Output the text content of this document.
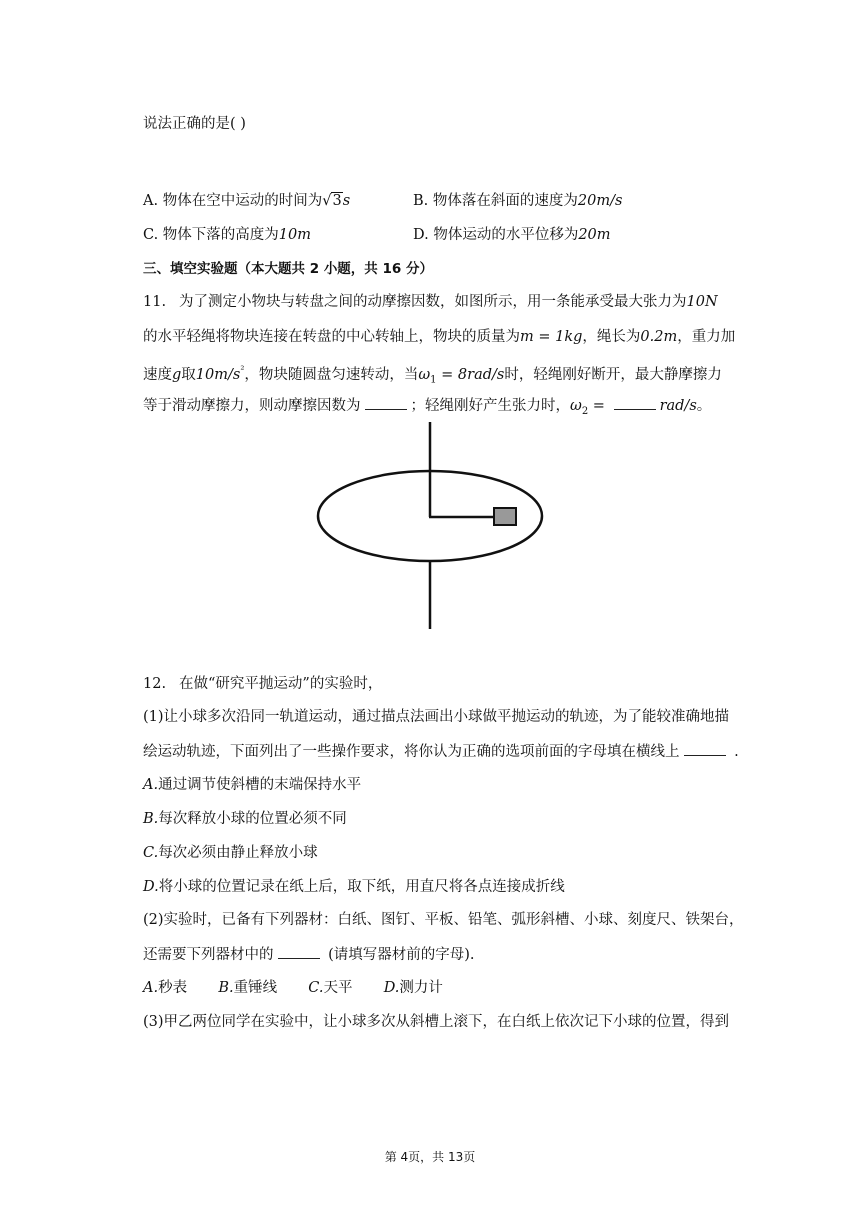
说法正确的是( )
A. 物体在空中运动的时间为√3s	B. 物体落在斜面的速度为20m/s
C. 物体下落的高度为10m	D. 物体运动的水平位移为20m
三、填空实验题（本大题共 2 小题，共 16 分）
11. 为了测定小物块与转盘之间的动摩擦因数，如图所示，用一条能承受最大张力为10N
的水平轻绳将物块连接在转盘的中心转轴上，物块的质量为m = 1kg，绳长为0.2m，重力加
速度g取$10m/s^{^2}$，物块随圆盘匀速转动，当$\omega_1 = 8rad/s$时，轻绳刚好断开，最大静摩擦力
等于滑动摩擦力，则动摩擦因数为	；轻绳刚好产生张力时，$\omega_2$ =	rad/s。
12. 在做“研究平抛运动”的实验时，
(1)让小球多次沿同一轨道运动，通过描点法画出小球做平抛运动的轨迹，为了能较准确地描
绘运动轨迹，下面列出了一些操作要求，将你认为正确的选项前面的字母填在横线上	.
A.通过调节使斜槽的末端保持水平
B.每次释放小球的位置必须不同
C.每次必须由静止释放小球
D.将小球的位置记录在纸上后，取下纸，用直尺将各点连接成折线
(2)实验时，已备有下列器材：白纸、图钉、平板、铅笔、弧形斜槽、小球、刻度尺、铁架台，
还需要下列器材中的	(请填写器材前的字母).
A.秒表 B.重锤线 C.天平 D.测力计
(3)甲乙两位同学在实验中，让小球多次从斜槽上滚下，在白纸上依次记下小球的位置，得到
第 4页，共 13页
